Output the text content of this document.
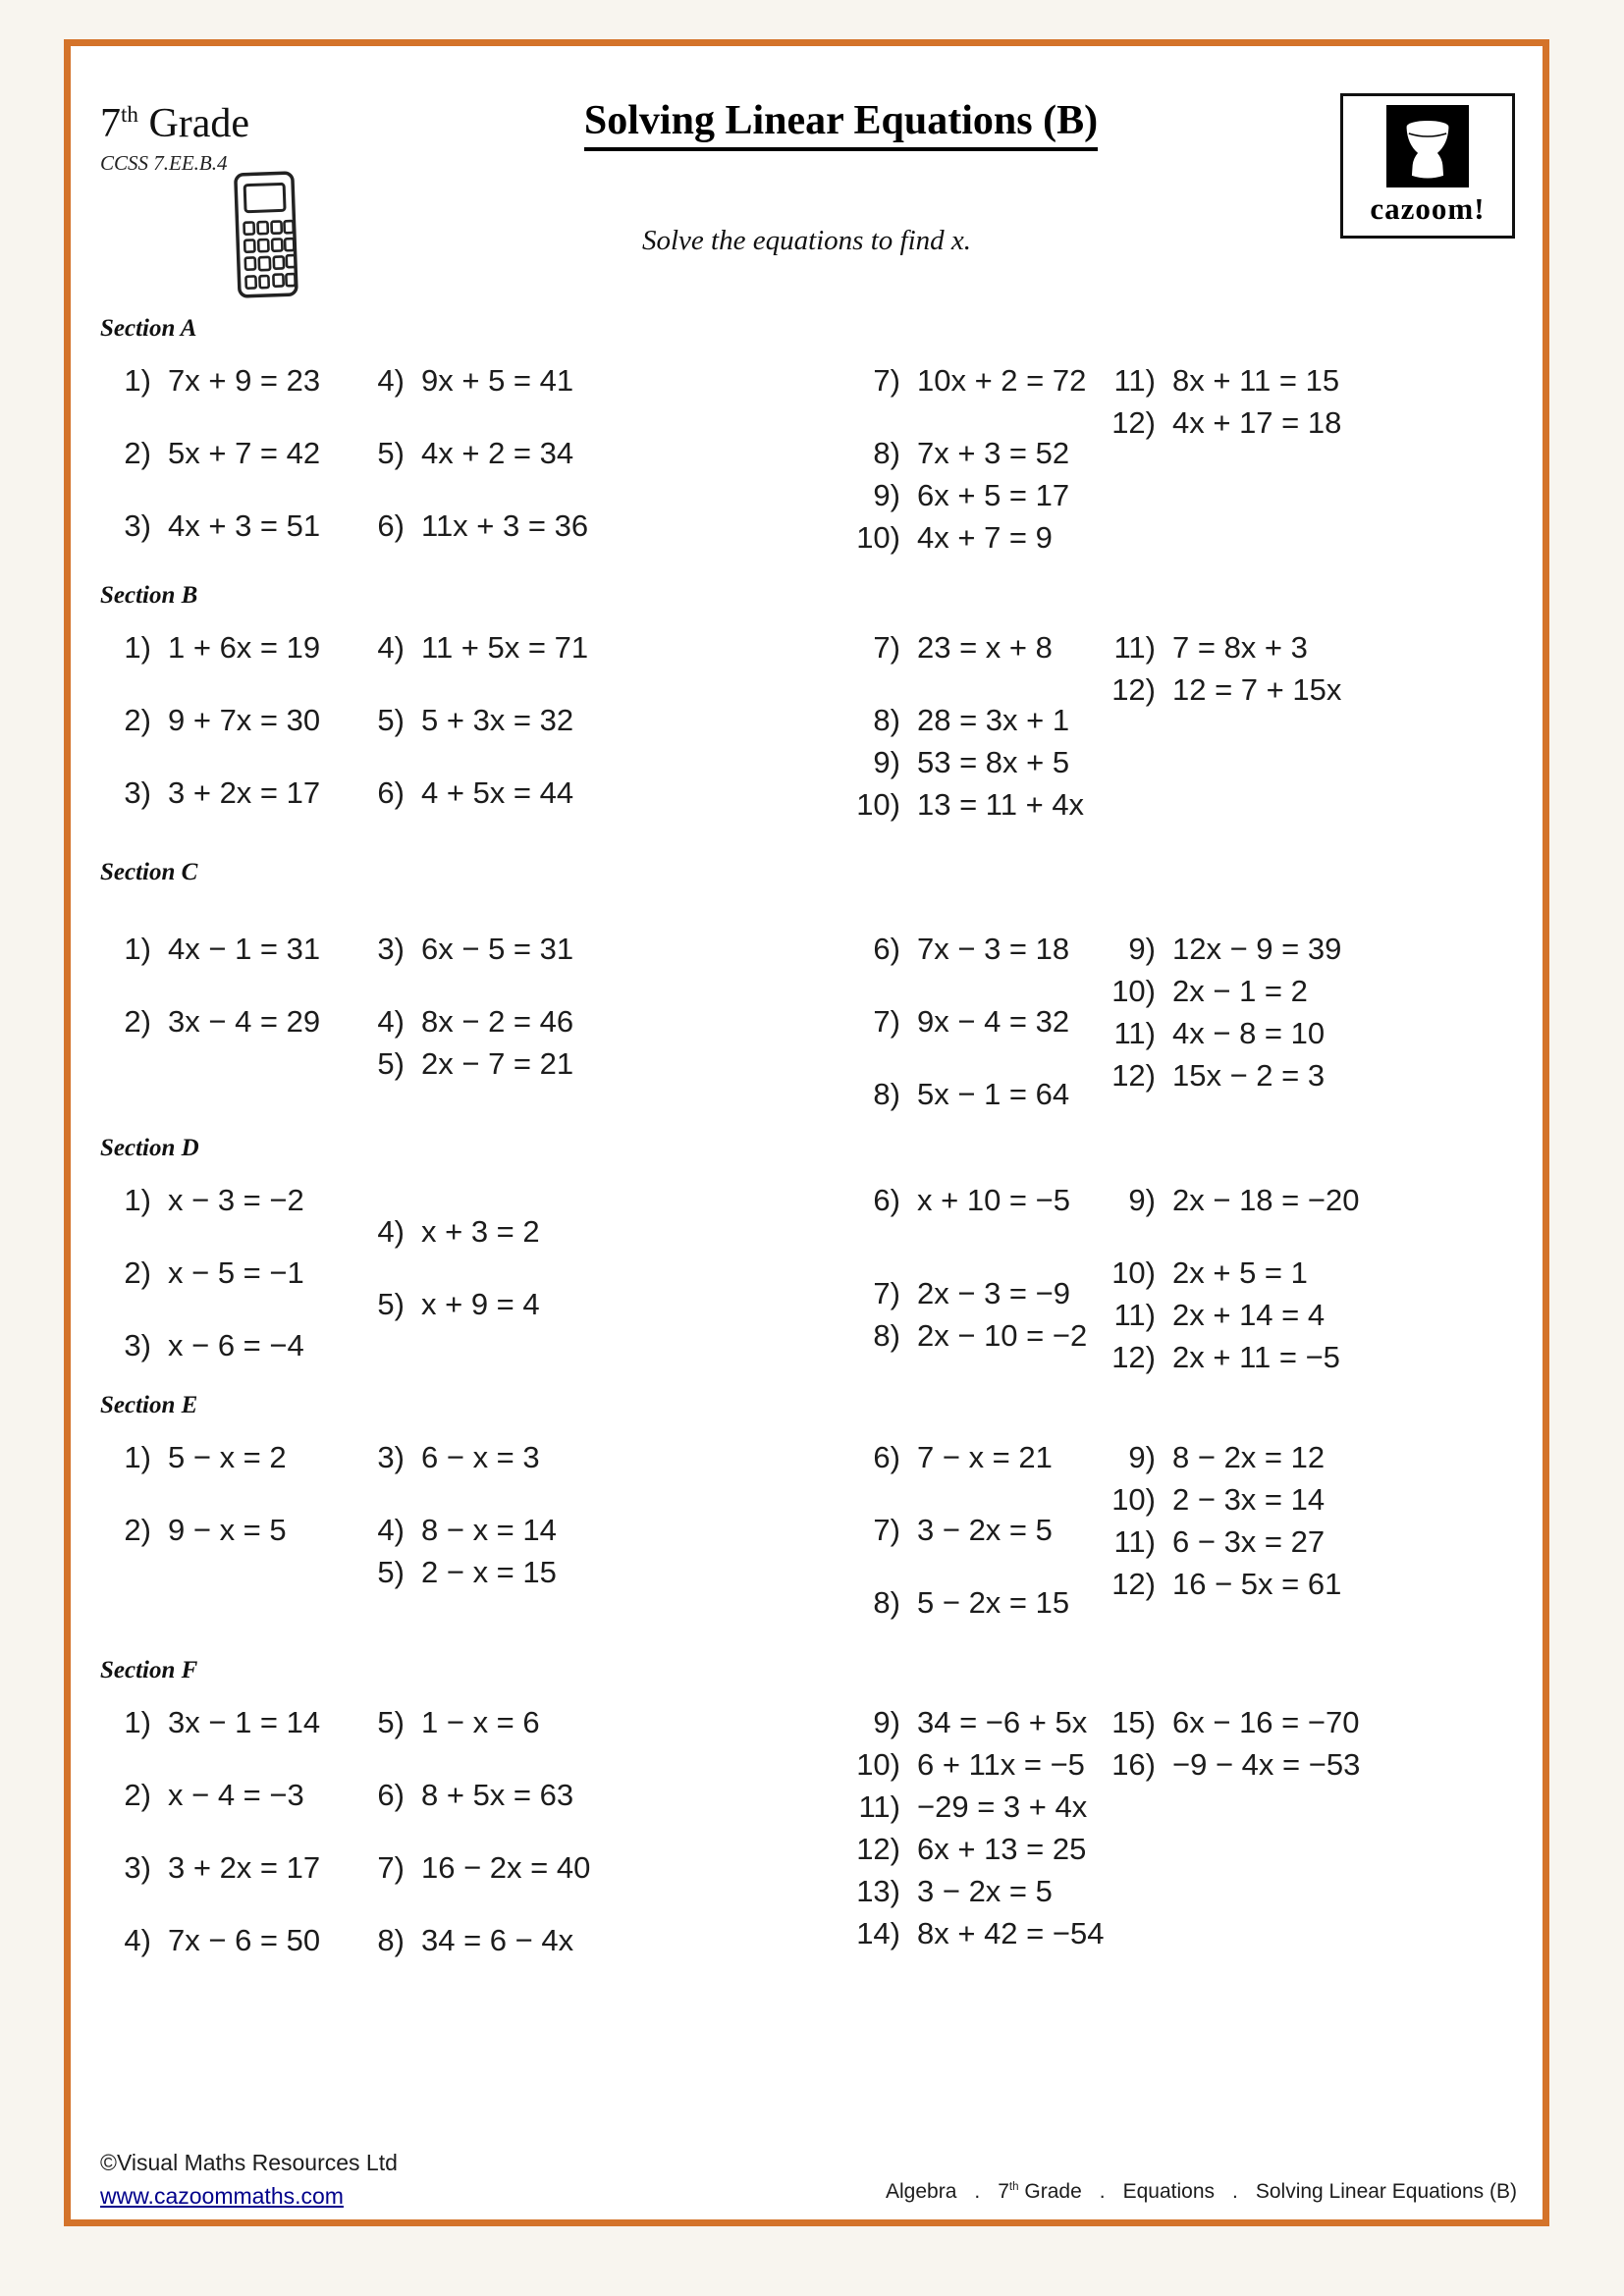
7th Grade
CCSS 7.EE.B.4
Solving Linear Equations (B)
Solve the equations to find x.
cazoom!
Section A
1) 7x + 9 = 23
2) 5x + 7 = 42
3) 4x + 3 = 51
4) 9x + 5 = 41
5) 4x + 2 = 34
6) 11x + 3 = 36
7) 10x + 2 = 72
8) 7x + 3 = 52
9) 6x + 5 = 17
10) 4x + 7 = 9
11) 8x + 11 = 15
12) 4x + 17 = 18
Section B
1) 1 + 6x = 19
2) 9 + 7x = 30
3) 3 + 2x = 17
4) 11 + 5x = 71
5) 5 + 3x = 32
6) 4 + 5x = 44
7) 23 = x + 8
8) 28 = 3x + 1
9) 53 = 8x + 5
10) 13 = 11 + 4x
11) 7 = 8x + 3
12) 12 = 7 + 15x
Section C
1) 4x − 1 = 31
2) 3x − 4 = 29
3) 6x − 5 = 31
4) 8x − 2 = 46
5) 2x − 7 = 21
6) 7x − 3 = 18
7) 9x − 4 = 32
8) 5x − 1 = 64
9) 12x − 9 = 39
10) 2x − 1 = 2
11) 4x − 8 = 10
12) 15x − 2 = 3
Section D
1) x − 3 = −2
2) x − 5 = −1
3) x − 6 = −4
4) x + 3 = 2
5) x + 9 = 4
6) x + 10 = −5
7) 2x − 3 = −9
8) 2x − 10 = −2
9) 2x − 18 = −20
10) 2x + 5 = 1
11) 2x + 14 = 4
12) 2x + 11 = −5
Section E
1) 5 − x = 2
2) 9 − x = 5
3) 6 − x = 3
4) 8 − x = 14
5) 2 − x = 15
6) 7 − x = 21
7) 3 − 2x = 5
8) 5 − 2x = 15
9) 8 − 2x = 12
10) 2 − 3x = 14
11) 6 − 3x = 27
12) 16 − 5x = 61
Section F
1) 3x − 1 = 14
2) x − 4 = −3
3) 3 + 2x = 17
4) 7x − 6 = 50
5) 1 − x = 6
6) 8 + 5x = 63
7) 16 − 2x = 40
8) 34 = 6 − 4x
9) 34 = −6 + 5x
10) 6 + 11x = −5
11) −29 = 3 + 4x
12) 6x + 13 = 25
13) 3 − 2x = 5
14) 8x + 42 = −54
15) 6x − 16 = −70
16) −9 − 4x = −53
©Visual Maths Resources Ltd
www.cazoommaths.com	Algebra . 7th Grade . Equations . Solving Linear Equations (B)
